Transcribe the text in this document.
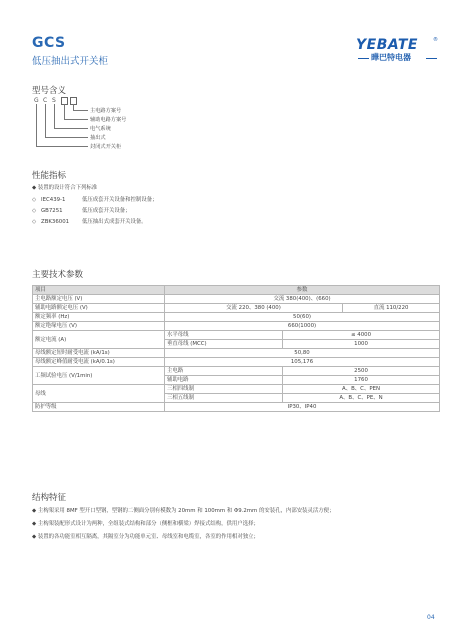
GCS
低压抽出式开关柜
YEBATE	®
曄巴特电器
型号含义
G C S
主电路方案号
辅助电路方案号
电气系统
抽出式
封闭式开关柜
性能指标
◆ 装置的设计符合下列标准
◇ IEC439-1	低压成套开关设备和控制设备；
◇ GB7251	低压成套开关设备；
◇ ZBK36001 低压抽出式成套开关设备。
主要技术参数
项目	参数		
主电路额定电压 (V)	交流 380(400)、(660)		
辅助电路额定电压 (V)	交流 220、380 (400)		直流 110/220
额定频率 (Hz)	50(60)		
额定绝缘电压 (V)	660(1000)		
额定电流 (A)	水平母线	≤ 4000	
	垂直母线 (MCC)	1000	
母线额定短时耐受电流 (kA/1s)	50,80		
母线额定峰值耐受电流 (kA/0.1s)	105,176		
工频试验电压 (V/1min)	主电路	2500	
	辅助电路	1760	
母线	三相四线制	A、B、C、PEN	
	三相五线制	A、B、C、PE、N	
防护等级	IP30、IP40		
结构特征
◆ 主构架采用 8MF 型开口型钢，型钢的二侧面分别有模数为 20mm 和 100mm 和 Φ9.2mm 的安装孔，内部安装灵活方便；
◆ 主构架装配形式设计为两种，全组装式结构和部分（侧框和横梁）焊接式结构，供用户选择；
◆ 装置的各功能室相互隔离，其隔室分为功能单元室、母线室和电缆室，各室的作用相对独立；
04
